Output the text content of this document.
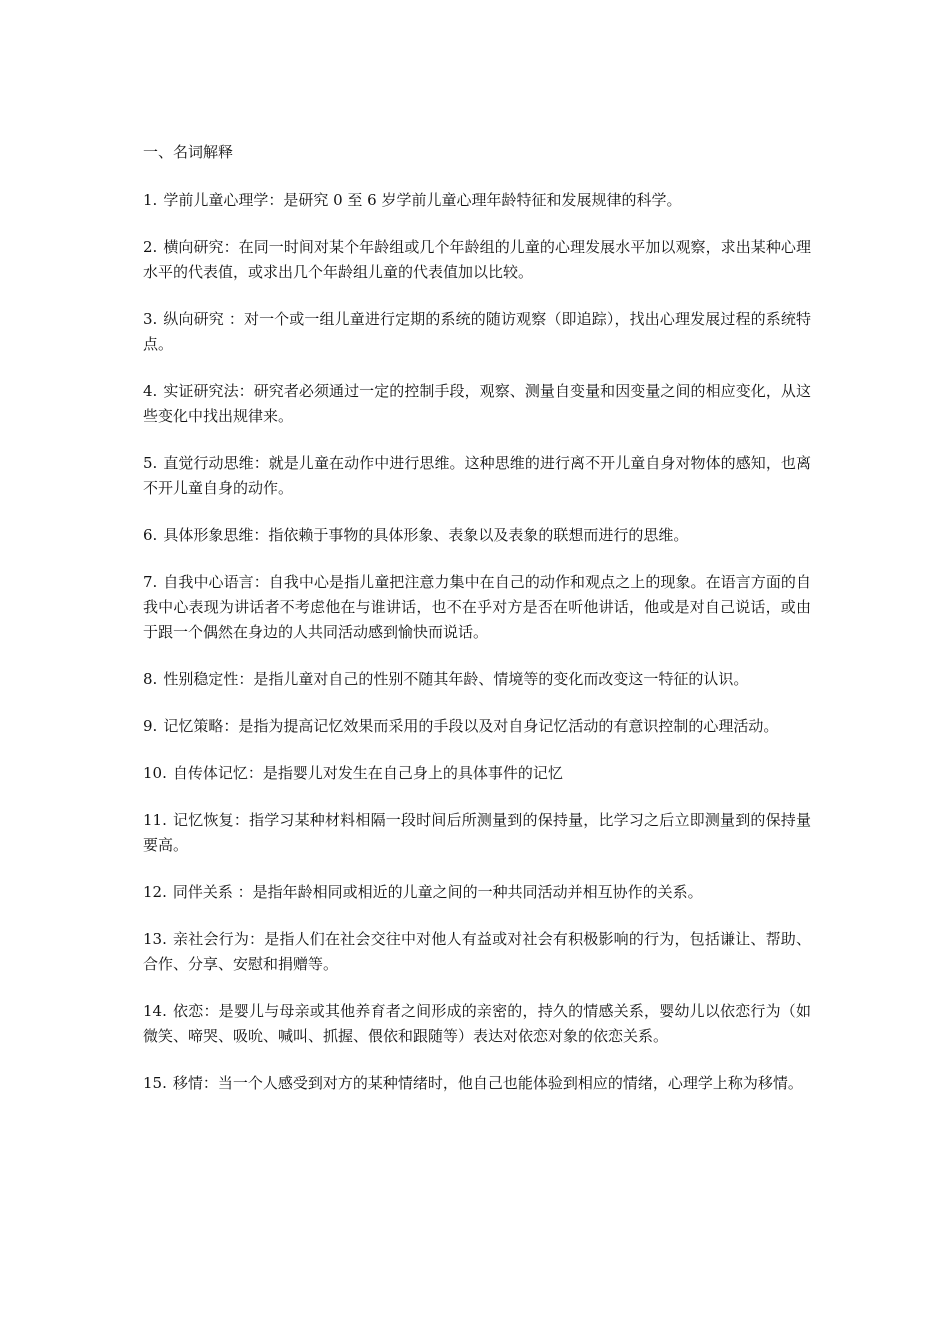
一、名词解释
1. 学前儿童心理学：是研究 0 至 6 岁学前儿童心理年龄特征和发展规律的科学。
2. 横向研究：在同一时间对某个年龄组或几个年龄组的儿童的心理发展水平加以观察，求出某种心理水平的代表值，或求出几个年龄组儿童的代表值加以比较。
3. 纵向研究 ：对一个或一组儿童进行定期的系统的随访观察（即追踪），找出心理发展过程的系统特点。
4. 实证研究法：研究者必须通过一定的控制手段，观察、测量自变量和因变量之间的相应变化，从这些变化中找出规律来。
5. 直觉行动思维：就是儿童在动作中进行思维。这种思维的进行离不开儿童自身对物体的感知，也离不开儿童自身的动作。
6. 具体形象思维：指依赖于事物的具体形象、表象以及表象的联想而进行的思维。
7. 自我中心语言：自我中心是指儿童把注意力集中在自己的动作和观点之上的现象。在语言方面的自我中心表现为讲话者不考虑他在与谁讲话，也不在乎对方是否在听他讲话，他或是对自己说话，或由于跟一个偶然在身边的人共同活动感到愉快而说话。
8. 性别稳定性：是指儿童对自己的性别不随其年龄、情境等的变化而改变这一特征的认识。
9. 记忆策略：是指为提高记忆效果而采用的手段以及对自身记忆活动的有意识控制的心理活动。
10. 自传体记忆：是指婴儿对发生在自己身上的具体事件的记忆
11. 记忆恢复：指学习某种材料相隔一段时间后所测量到的保持量，比学习之后立即测量到的保持量要高。
12. 同伴关系 ：是指年龄相同或相近的儿童之间的一种共同活动并相互协作的关系。
13. 亲社会行为：是指人们在社会交往中对他人有益或对社会有积极影响的行为，包括谦让、帮助、合作、分享、安慰和捐赠等。
14. 依恋：是婴儿与母亲或其他养育者之间形成的亲密的，持久的情感关系，婴幼儿以依恋行为（如微笑、啼哭、吸吮、喊叫、抓握、偎依和跟随等）表达对依恋对象的依恋关系。
15. 移情：当一个人感受到对方的某种情绪时，他自己也能体验到相应的情绪，心理学上称为移情。
